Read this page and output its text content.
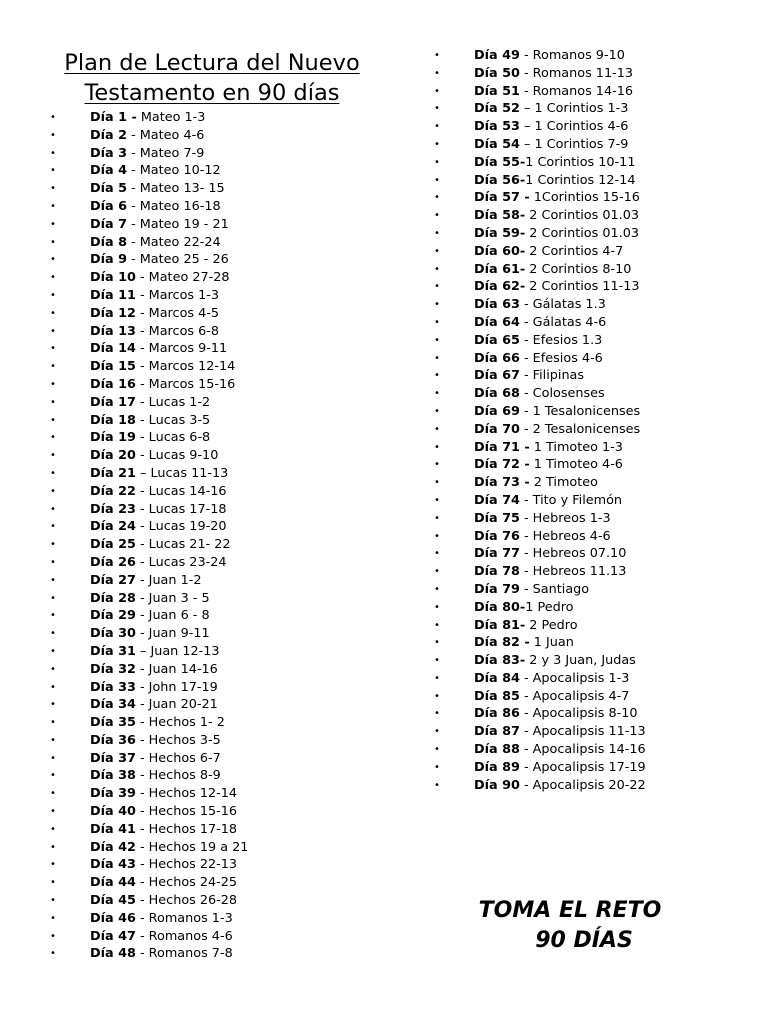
Plan de Lectura del Nuevo
Testamento en 90 días
• Día 1 - Mateo 1-3
• Día 2 - Mateo 4-6
• Día 3 - Mateo 7-9
• Día 4 - Mateo 10-12
• Día 5 - Mateo 13- 15
• Día 6 - Mateo 16-18
• Día 7 - Mateo 19 - 21
• Día 8 - Mateo 22-24
• Día 9 - Mateo 25 - 26
• Día 10 - Mateo 27-28
• Día 11 - Marcos 1-3
• Día 12 - Marcos 4-5
• Día 13 - Marcos 6-8
• Día 14 - Marcos 9-11
• Día 15 - Marcos 12-14
• Día 16 - Marcos 15-16
• Día 17 - Lucas 1-2
• Día 18 - Lucas 3-5
• Día 19 - Lucas 6-8
• Día 20 - Lucas 9-10
• Día 21 – Lucas 11-13
• Día 22 - Lucas 14-16
• Día 23 - Lucas 17-18
• Día 24 - Lucas 19-20
• Día 25 - Lucas 21- 22
• Día 26 - Lucas 23-24
• Día 27 - Juan 1-2
• Día 28 - Juan 3 - 5
• Día 29 - Juan 6 - 8
• Día 30 - Juan 9-11
• Día 31 – Juan 12-13
• Día 32 - Juan 14-16
• Día 33 - John 17-19
• Día 34 - Juan 20-21
• Día 35 - Hechos 1- 2
• Día 36 - Hechos 3-5
• Día 37 - Hechos 6-7
• Día 38 - Hechos 8-9
• Día 39 - Hechos 12-14
• Día 40 - Hechos 15-16
• Día 41 - Hechos 17-18
• Día 42 - Hechos 19 a 21
• Día 43 - Hechos 22-13
• Día 44 - Hechos 24-25
• Día 45 - Hechos 26-28
• Día 46 - Romanos 1-3
• Día 47 - Romanos 4-6
• Día 48 - Romanos 7-8
• Día 49 - Romanos 9-10
• Día 50 - Romanos 11-13
• Día 51 - Romanos 14-16
• Día 52 – 1 Corintios 1-3
• Día 53 – 1 Corintios 4-6
• Día 54 – 1 Corintios 7-9
• Día 55-1 Corintios 10-11
• Día 56-1 Corintios 12-14
• Día 57 - 1Corintios 15-16
• Día 58- 2 Corintios 01.03
• Día 59- 2 Corintios 01.03
• Día 60- 2 Corintios 4-7
• Día 61- 2 Corintios 8-10
• Día 62- 2 Corintios 11-13
• Día 63 - Gálatas 1.3
• Día 64 - Gálatas 4-6
• Día 65 - Efesios 1.3
• Día 66 - Efesios 4-6
• Día 67 - Filipinas
• Día 68 - Colosenses
• Día 69 - 1 Tesalonicenses
• Día 70 - 2 Tesalonicenses
• Día 71 - 1 Timoteo 1-3
• Día 72 - 1 Timoteo 4-6
• Día 73 - 2 Timoteo
• Día 74 - Tito y Filemón
• Día 75 - Hebreos 1-3
• Día 76 - Hebreos 4-6
• Día 77 - Hebreos 07.10
• Día 78 - Hebreos 11.13
• Día 79 - Santiago
• Día 80-1 Pedro
• Día 81- 2 Pedro
• Día 82 - 1 Juan
• Día 83- 2 y 3 Juan, Judas
• Día 84 - Apocalipsis 1-3
• Día 85 - Apocalipsis 4-7
• Día 86 - Apocalipsis 8-10
• Día 87 - Apocalipsis 11-13
• Día 88 - Apocalipsis 14-16
• Día 89 - Apocalipsis 17-19
• Día 90 - Apocalipsis 20-22
TOMA EL RETO
90 DÍAS
